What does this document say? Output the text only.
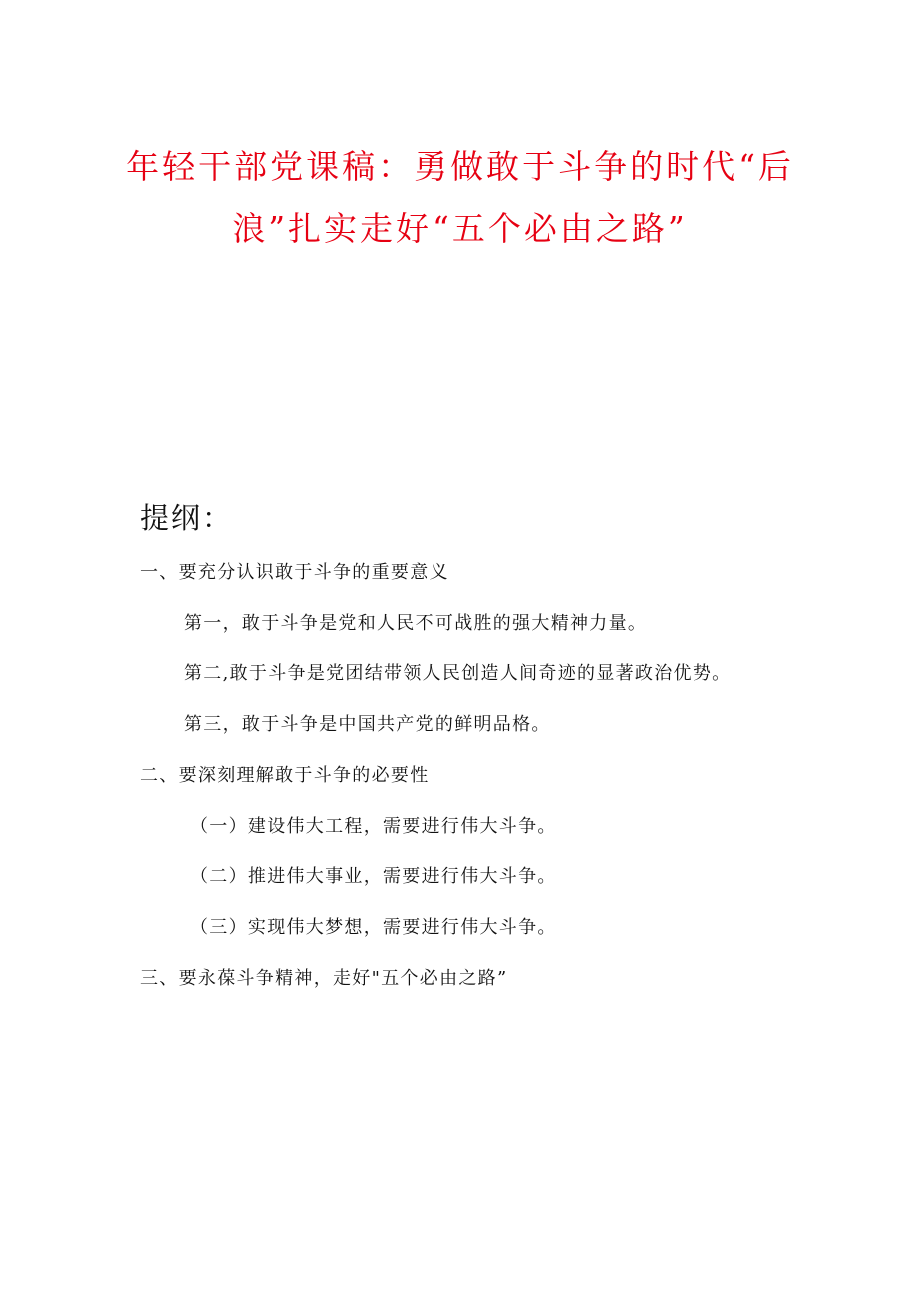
年轻干部党课稿：勇做敢于斗争的时代“后
浪”扎实走好“五个必由之路”
提纲：
一、要充分认识敢于斗争的重要意义
第一，敢于斗争是党和人民不可战胜的强大精神力量。
第二,敢于斗争是党团结带领人民创造人间奇迹的显著政治优势。
第三，敢于斗争是中国共产党的鲜明品格。
二、要深刻理解敢于斗争的必要性
（一）建设伟大工程，需要进行伟大斗争。
（二）推进伟大事业，需要进行伟大斗争。
（三）实现伟大梦想，需要进行伟大斗争。
三、要永葆斗争精神，走好"五个必由之路”
